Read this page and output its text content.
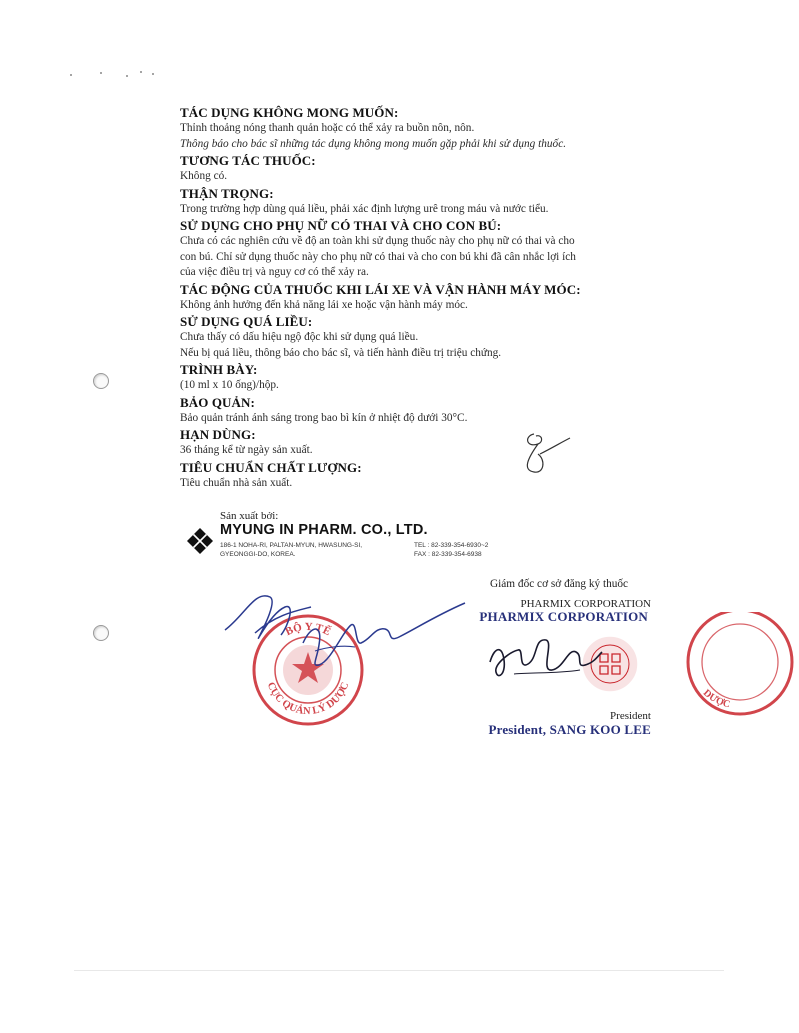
TÁC DỤNG KHÔNG MONG MUỐN:
Thỉnh thoảng nóng thanh quản hoặc có thể xảy ra buồn nôn, nôn.
Thông báo cho bác sĩ những tác dụng không mong muốn gặp phải khi sử dụng thuốc.
TƯƠNG TÁC THUỐC:
Không có.
THẬN TRỌNG:
Trong trường hợp dùng quá liều, phải xác định lượng urê trong máu và nước tiểu.
SỬ DỤNG CHO PHỤ NỮ CÓ THAI VÀ CHO CON BÚ:
Chưa có các nghiên cứu về độ an toàn khi sử dụng thuốc này cho phụ nữ có thai và cho
con bú. Chỉ sử dụng thuốc này cho phụ nữ có thai và cho con bú khi đã cân nhắc lợi ích
của việc điều trị và nguy cơ có thể xảy ra.
TÁC ĐỘNG CỦA THUỐC KHI LÁI XE VÀ VẬN HÀNH MÁY MÓC:
Không ảnh hưởng đến khả năng lái xe hoặc vận hành máy móc.
SỬ DỤNG QUÁ LIỀU:
Chưa thấy có dấu hiệu ngộ độc khi sử dụng quá liều.
Nếu bị quá liều, thông báo cho bác sĩ, và tiến hành điều trị triệu chứng.
TRÌNH BÀY:
(10 ml x 10 ống)/hộp.
BẢO QUẢN:
Bảo quản tránh ánh sáng trong bao bì kín ở nhiệt độ dưới 30°C.
HẠN DÙNG:
36 tháng kể từ ngày sản xuất.
TIÊU CHUẨN CHẤT LƯỢNG:
Tiêu chuẩn nhà sản xuất.
Sản xuất bởi:
MYUNG IN PHARM. CO., LTD.
186-1 NOHA-RI, PALTAN-MYUN, HWASUNG-SI,
GYEONGGI-DO, KOREA.
TEL : 82-339-354-6930~2
FAX : 82-339-354-6938
BỘ Y TẾ
CỤC QUẢN LÝ DƯỢC
Giám đốc cơ sở đăng ký thuốc
PHARMIX CORPORATION
PHARMIX CORPORATION
President
President, SANG KOO LEE
DƯỢC
